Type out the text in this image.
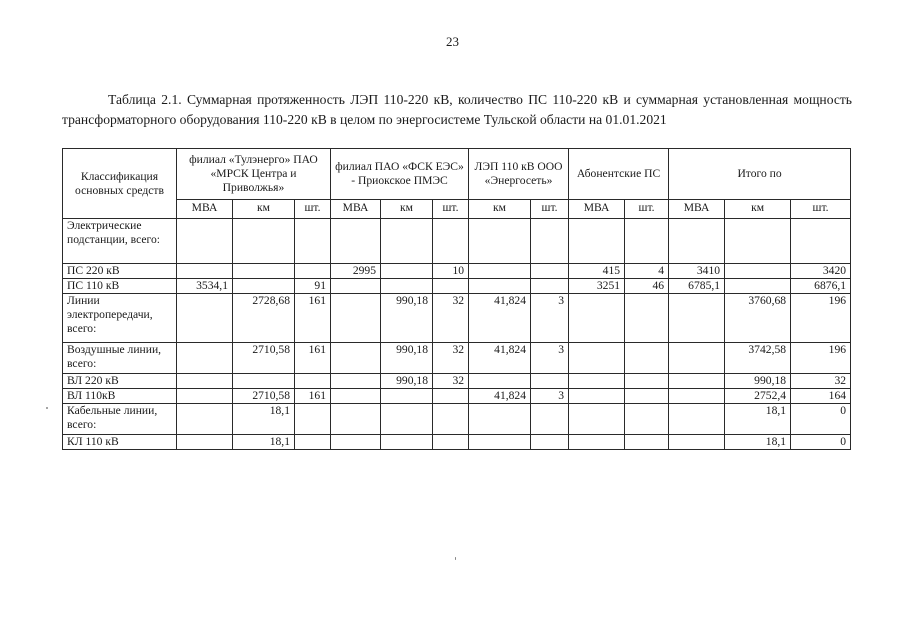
23
Таблица 2.1. Суммарная протяженность ЛЭП 110-220 кВ, количество ПС 110-220 кВ и суммарная установленная мощность трансформаторного оборудования 110-220 кВ в целом по энергосистеме Тульской области на 01.01.2021
Классификация основных средств	филиал «Тулэнерго» ПАО «МРСК Центра и Приволжья»			филиал ПАО «ФСК ЕЭС» - Приокское ПМЭС			ЛЭП 110 кВ ООО «Энергосеть»		Абонентские ПС		Итого по		
	МВА	км	шт.	МВА	км	шт.	км	шт.	МВА	шт.	МВА	км	шт.
Электрические подстанции, всего:													
ПС 220 кВ				2995		10			415	4	3410		3420
ПС 110 кВ	3534,1		91						3251	46	6785,1		6876,1
Линии электропередачи, всего:		2728,68	161		990,18	32	41,824	3				3760,68	196
Воздушные линии, всего:		2710,58	161		990,18	32	41,824	3				3742,58	196
ВЛ 220 кВ					990,18	32						990,18	32
ВЛ 110кВ		2710,58	161				41,824	3				2752,4	164
Кабельные линии, всего:		18,1										18,1	0
КЛ 110 кВ		18,1										18,1	0
